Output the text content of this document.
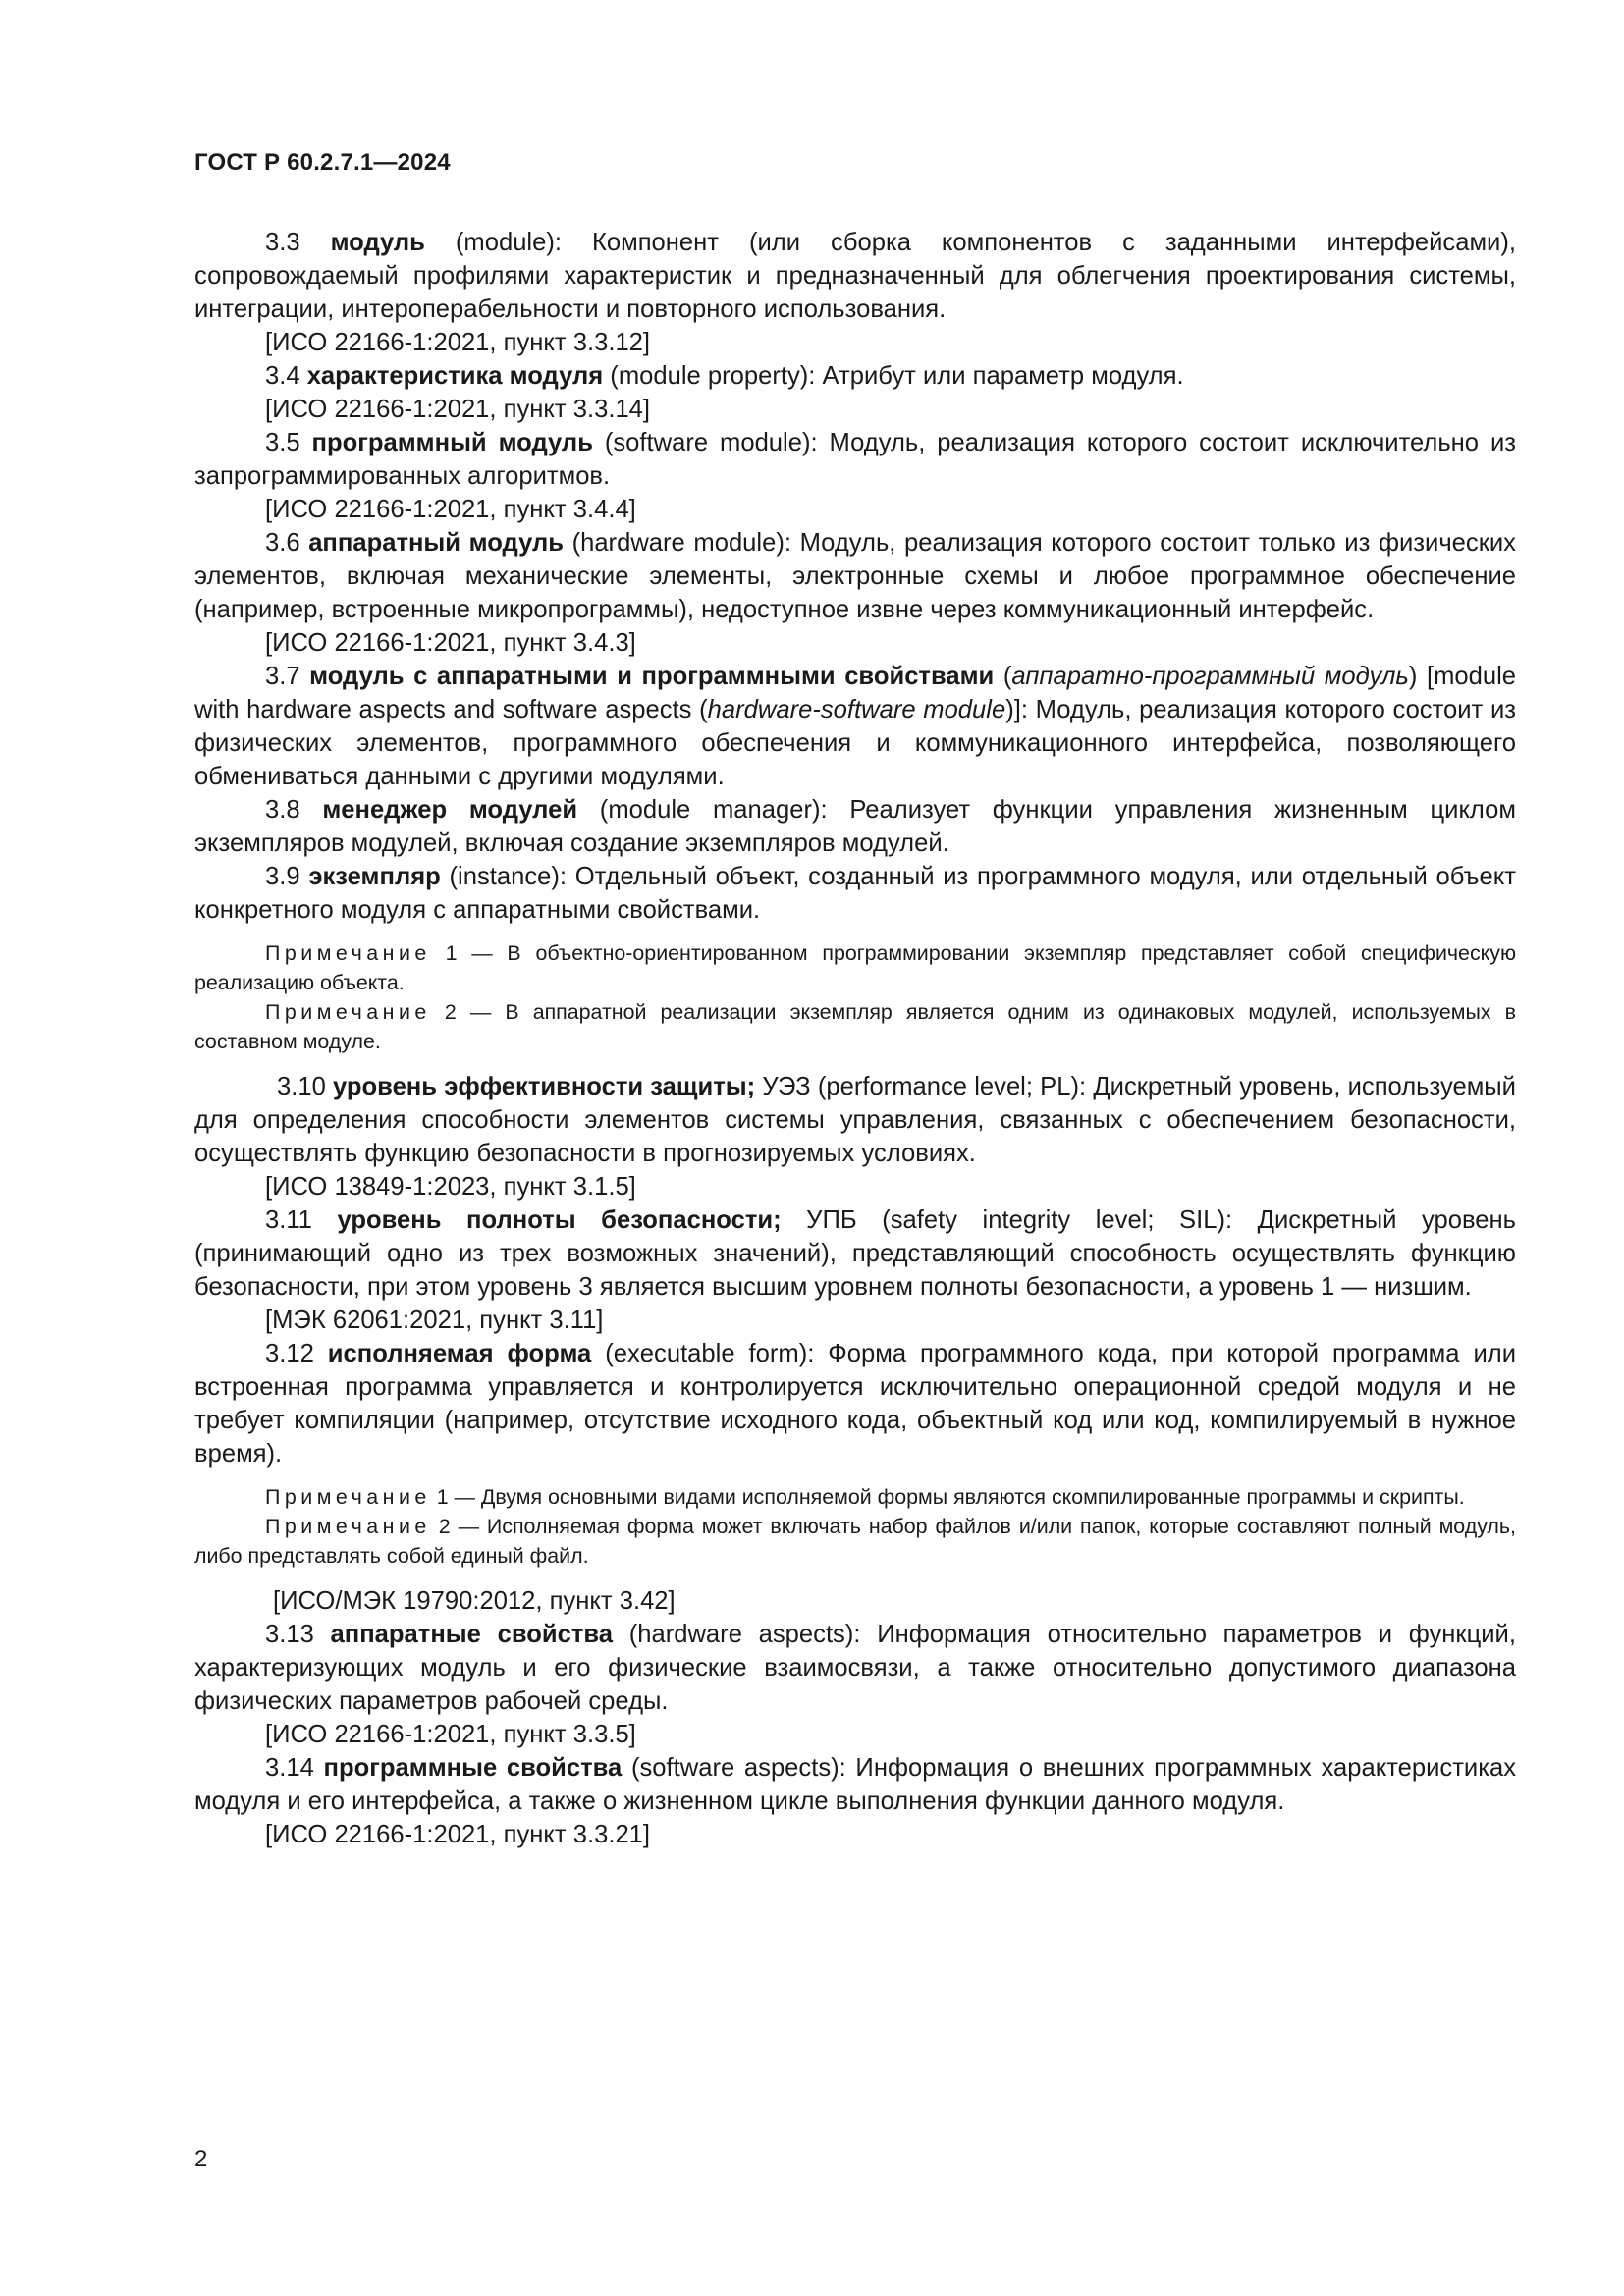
ГОСТ Р 60.2.7.1—2024

3.3 модуль (module): Компонент (или сборка компонентов с заданными интерфейсами), сопровождаемый профилями характеристик и предназначенный для облегчения проектирования системы, интеграции, интероперабельности и повторного использования.

[ИСО 22166-1:2021, пункт 3.3.12]

3.4 характеристика модуля (module property): Атрибут или параметр модуля.

[ИСО 22166-1:2021, пункт 3.3.14]

3.5 программный модуль (software module): Модуль, реализация которого состоит исключительно из запрограммированных алгоритмов.

[ИСО 22166-1:2021, пункт 3.4.4]

3.6 аппаратный модуль (hardware module): Модуль, реализация которого состоит только из физических элементов, включая механические элементы, электронные схемы и любое программное обеспечение (например, встроенные микропрограммы), недоступное извне через коммуникационный интерфейс.

[ИСО 22166-1:2021, пункт 3.4.3]

3.7 модуль с аппаратными и программными свойствами (аппаратно-программный модуль) [module with hardware aspects and software aspects (hardware-software module)]: Модуль, реализация которого состоит из физических элементов, программного обеспечения и коммуникационного интерфейса, позволяющего обмениваться данными с другими модулями.

3.8 менеджер модулей (module manager): Реализует функции управления жизненным циклом экземпляров модулей, включая создание экземпляров модулей.

3.9 экземпляр (instance): Отдельный объект, созданный из программного модуля, или отдельный объект конкретного модуля с аппаратными свойствами.

Примечание 1 — В объектно-ориентированном программировании экземпляр представляет собой специфическую реализацию объекта.

Примечание 2 — В аппаратной реализации экземпляр является одним из одинаковых модулей, используемых в составном модуле.

3.10 уровень эффективности защиты; УЭЗ (performance level; PL): Дискретный уровень, используемый для определения способности элементов системы управления, связанных с обеспечением безопасности, осуществлять функцию безопасности в прогнозируемых условиях.

[ИСО 13849-1:2023, пункт 3.1.5]

3.11 уровень полноты безопасности; УПБ (safety integrity level; SIL): Дискретный уровень (принимающий одно из трех возможных значений), представляющий способность осуществлять функцию безопасности, при этом уровень 3 является высшим уровнем полноты безопасности, а уровень 1 — низшим.

[МЭК 62061:2021, пункт 3.11]

3.12 исполняемая форма (executable form): Форма программного кода, при которой программа или встроенная программа управляется и контролируется исключительно операционной средой модуля и не требует компиляции (например, отсутствие исходного кода, объектный код или код, компилируемый в нужное время).

Примечание 1 — Двумя основными видами исполняемой формы являются скомпилированные программы и скрипты.

Примечание 2 — Исполняемая форма может включать набор файлов и/или папок, которые составляют полный модуль, либо представлять собой единый файл.

[ИСО/МЭК 19790:2012, пункт 3.42]

3.13 аппаратные свойства (hardware aspects): Информация относительно параметров и функций, характеризующих модуль и его физические взаимосвязи, а также относительно допустимого диапазона физических параметров рабочей среды.

[ИСО 22166-1:2021, пункт 3.3.5]

3.14 программные свойства (software aspects): Информация о внешних программных характеристиках модуля и его интерфейса, а также о жизненном цикле выполнения функции данного модуля.

[ИСО 22166-1:2021, пункт 3.3.21]

2
